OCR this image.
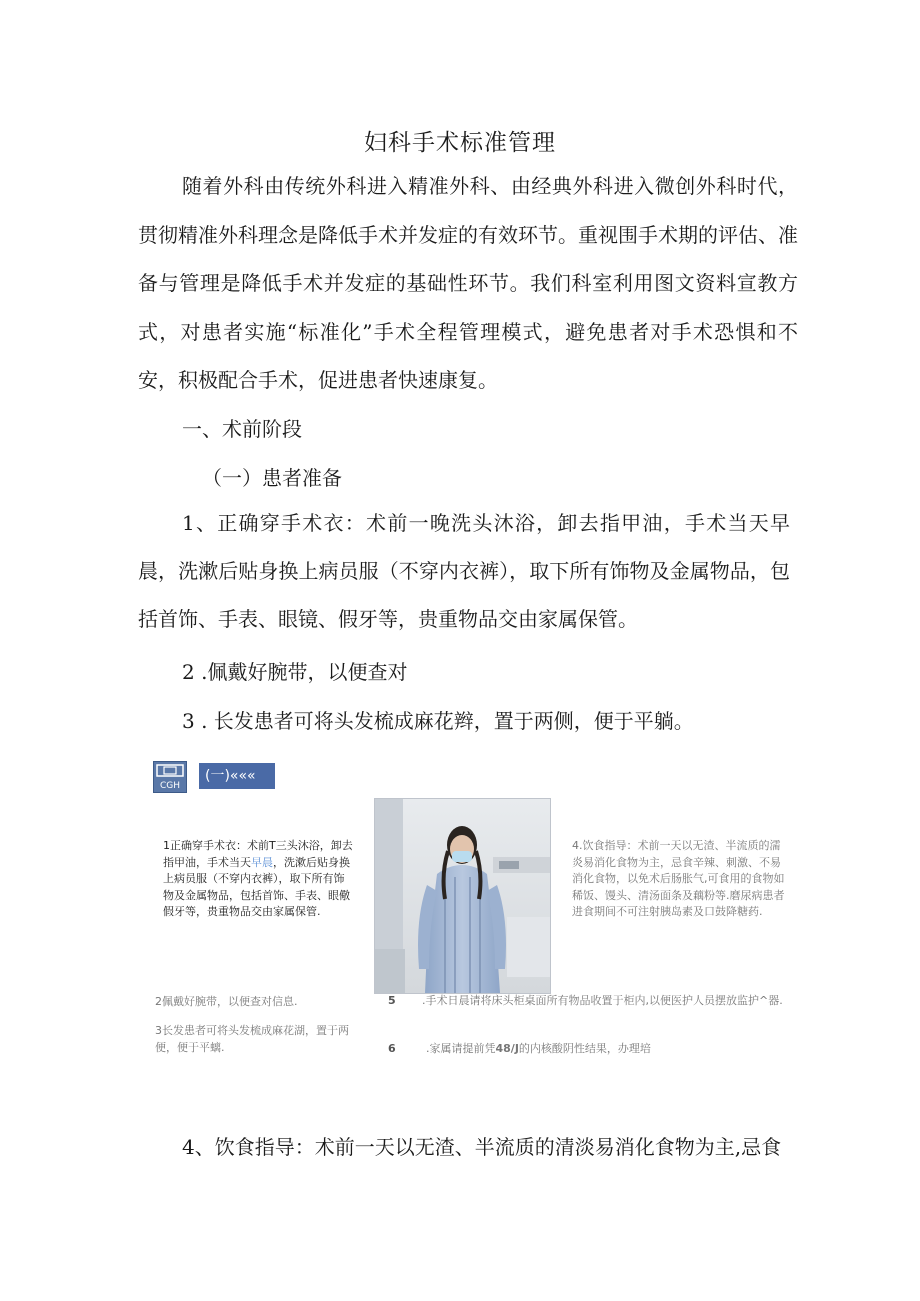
妇科手术标准管理

随着外科由传统外科进入精准外科、由经典外科进入微创外科时代，贯彻精准外科理念是降低手术并发症的有效环节。重视围手术期的评估、准备与管理是降低手术并发症的基础性环节。我们科室利用图文资料宣教方式，对患者实施“标准化”手术全程管理模式，避免患者对手术恐惧和不安，积极配合手术，促进患者快速康复。

一、术前阶段
（一）患者准备

1、正确穿手术衣：术前一晚洗头沐浴，卸去指甲油，手术当天早晨，洗漱后贴身换上病员服（不穿内衣裤），取下所有饰物及金属物品，包括首饰、手表、眼镜、假牙等，贵重物品交由家属保管。

2 .佩戴好腕带，以便查对
3 . 长发患者可将头发梳成麻花辫，置于两侧，便于平躺。
CGH
(一)«««
1正确穿手术衣：术前T三头沐浴，卸去指甲油，手术当天早晨，洗漱后贴身换上病员服（不穿内衣裤），取下所有饰物及金属物品，包括首饰、手表、眼儆假牙等，贵重物品交由家属保管.
4.饮食指导：术前一天以无渣、半流质的濡炎易消化食物为主，忌食辛辣、刺激、不易消化食物，以免术后肠胀气,可食用的食物如稀饭、馒头、清汤面条及藕粉等.磨尿病患者进食期间不可注射胰岛素及口鼓降糖药.
2佩戴好腕带，以便查对信息.
3长发患者可将头发梳成麻花湖，置于两便，便于平螭.
5	.手术日晨请将床头柜桌面所有物品收置于柜内,以便医护人员摆放监护^器.
6	.家属请提前凭48/J的内核酸阴性结果，办理培
4、饮食指导：术前一天以无渣、半流质的清淡易消化食物为主,忌食
